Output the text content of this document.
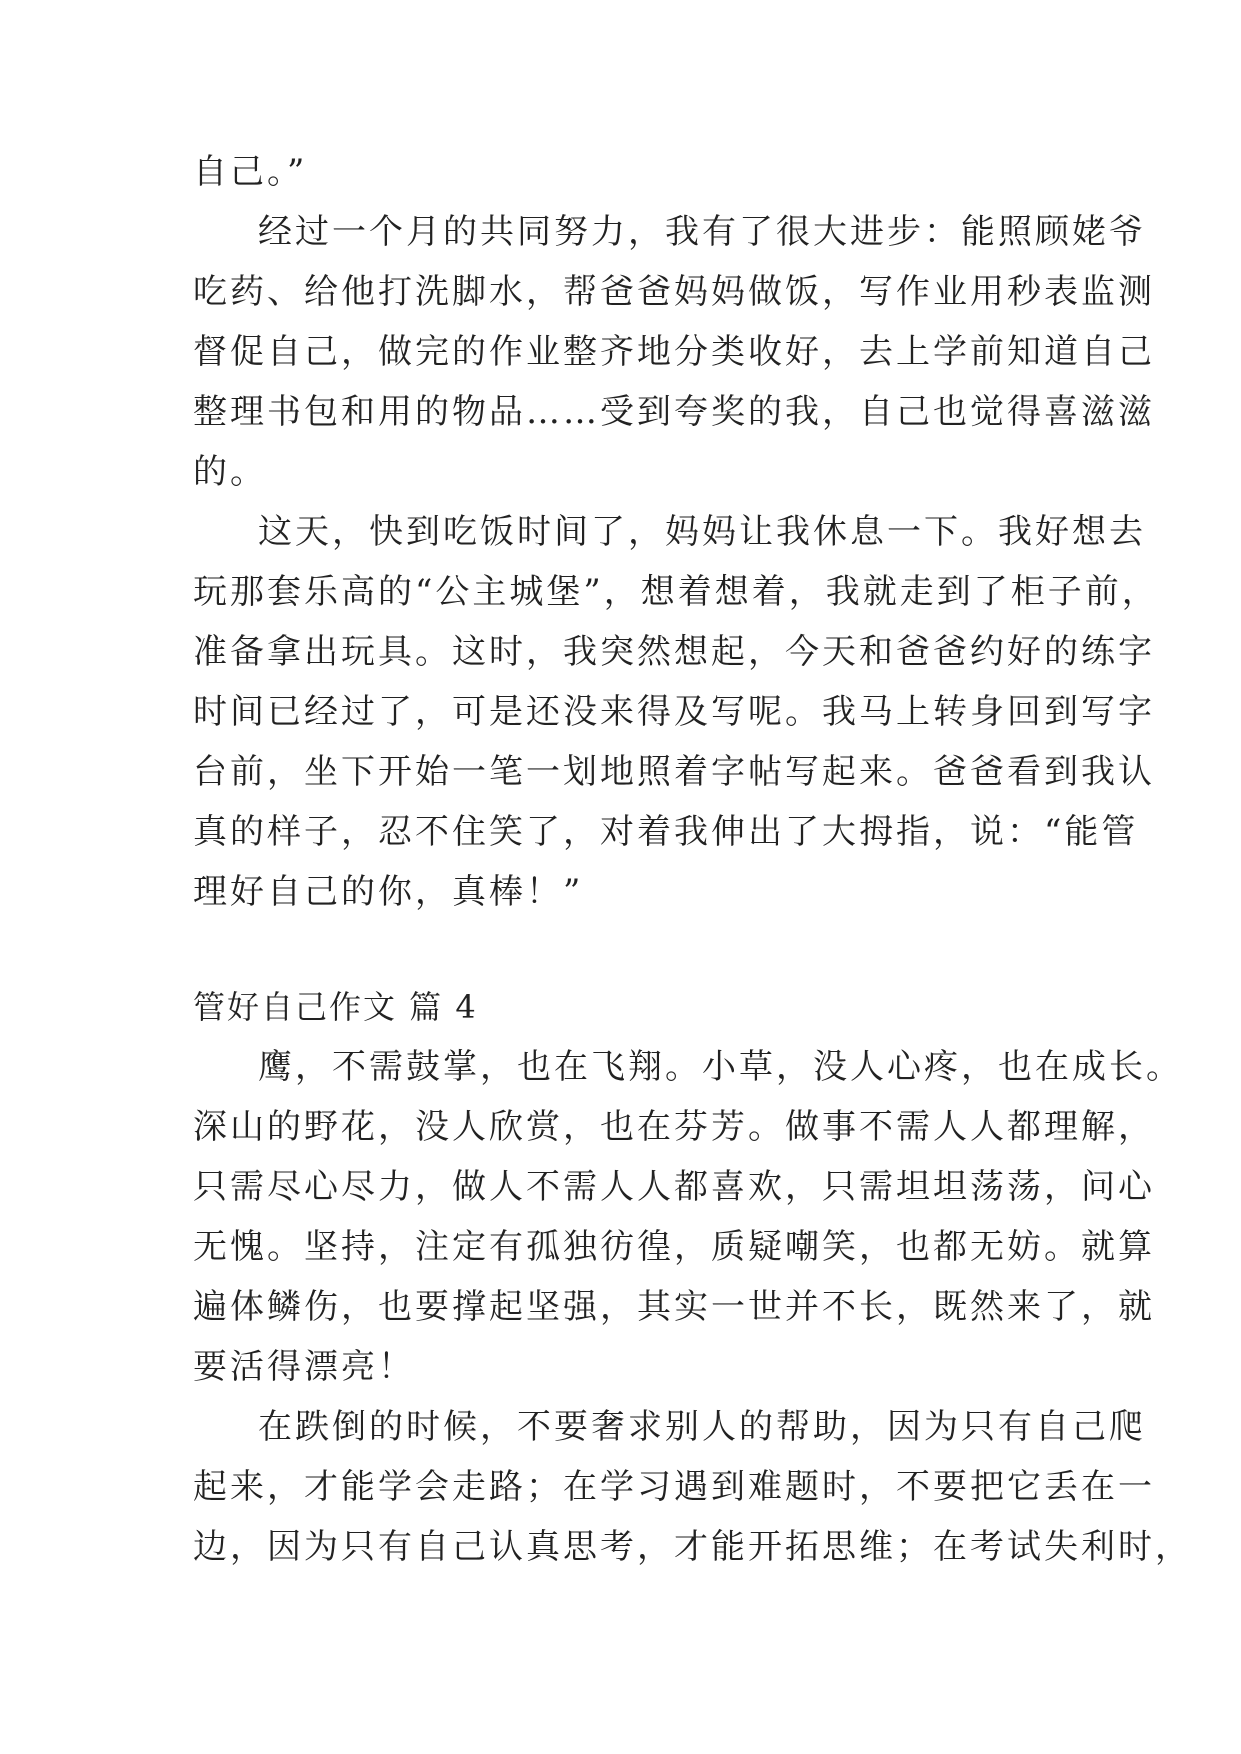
自己。”
经过一个月的共同努力，我有了很大进步：能照顾姥爷
吃药、给他打洗脚水，帮爸爸妈妈做饭，写作业用秒表监测
督促自己，做完的作业整齐地分类收好，去上学前知道自己
整理书包和用的物品……受到夸奖的我，自己也觉得喜滋滋
的。
这天，快到吃饭时间了，妈妈让我休息一下。我好想去
玩那套乐高的“公主城堡”，想着想着，我就走到了柜子前，
准备拿出玩具。这时，我突然想起，今天和爸爸约好的练字
时间已经过了，可是还没来得及写呢。我马上转身回到写字
台前，坐下开始一笔一划地照着字帖写起来。爸爸看到我认
真的样子，忍不住笑了，对着我伸出了大拇指，说：“能管
理好自己的你，真棒！”
管好自己作文 篇 4
鹰，不需鼓掌，也在飞翔。小草，没人心疼，也在成长。
深山的野花，没人欣赏，也在芬芳。做事不需人人都理解，
只需尽心尽力，做人不需人人都喜欢，只需坦坦荡荡，问心
无愧。坚持，注定有孤独彷徨，质疑嘲笑，也都无妨。就算
遍体鳞伤，也要撑起坚强，其实一世并不长，既然来了，就
要活得漂亮！
在跌倒的时候，不要奢求别人的帮助，因为只有自己爬
起来，才能学会走路；在学习遇到难题时，不要把它丢在一
边，因为只有自己认真思考，才能开拓思维；在考试失利时，
